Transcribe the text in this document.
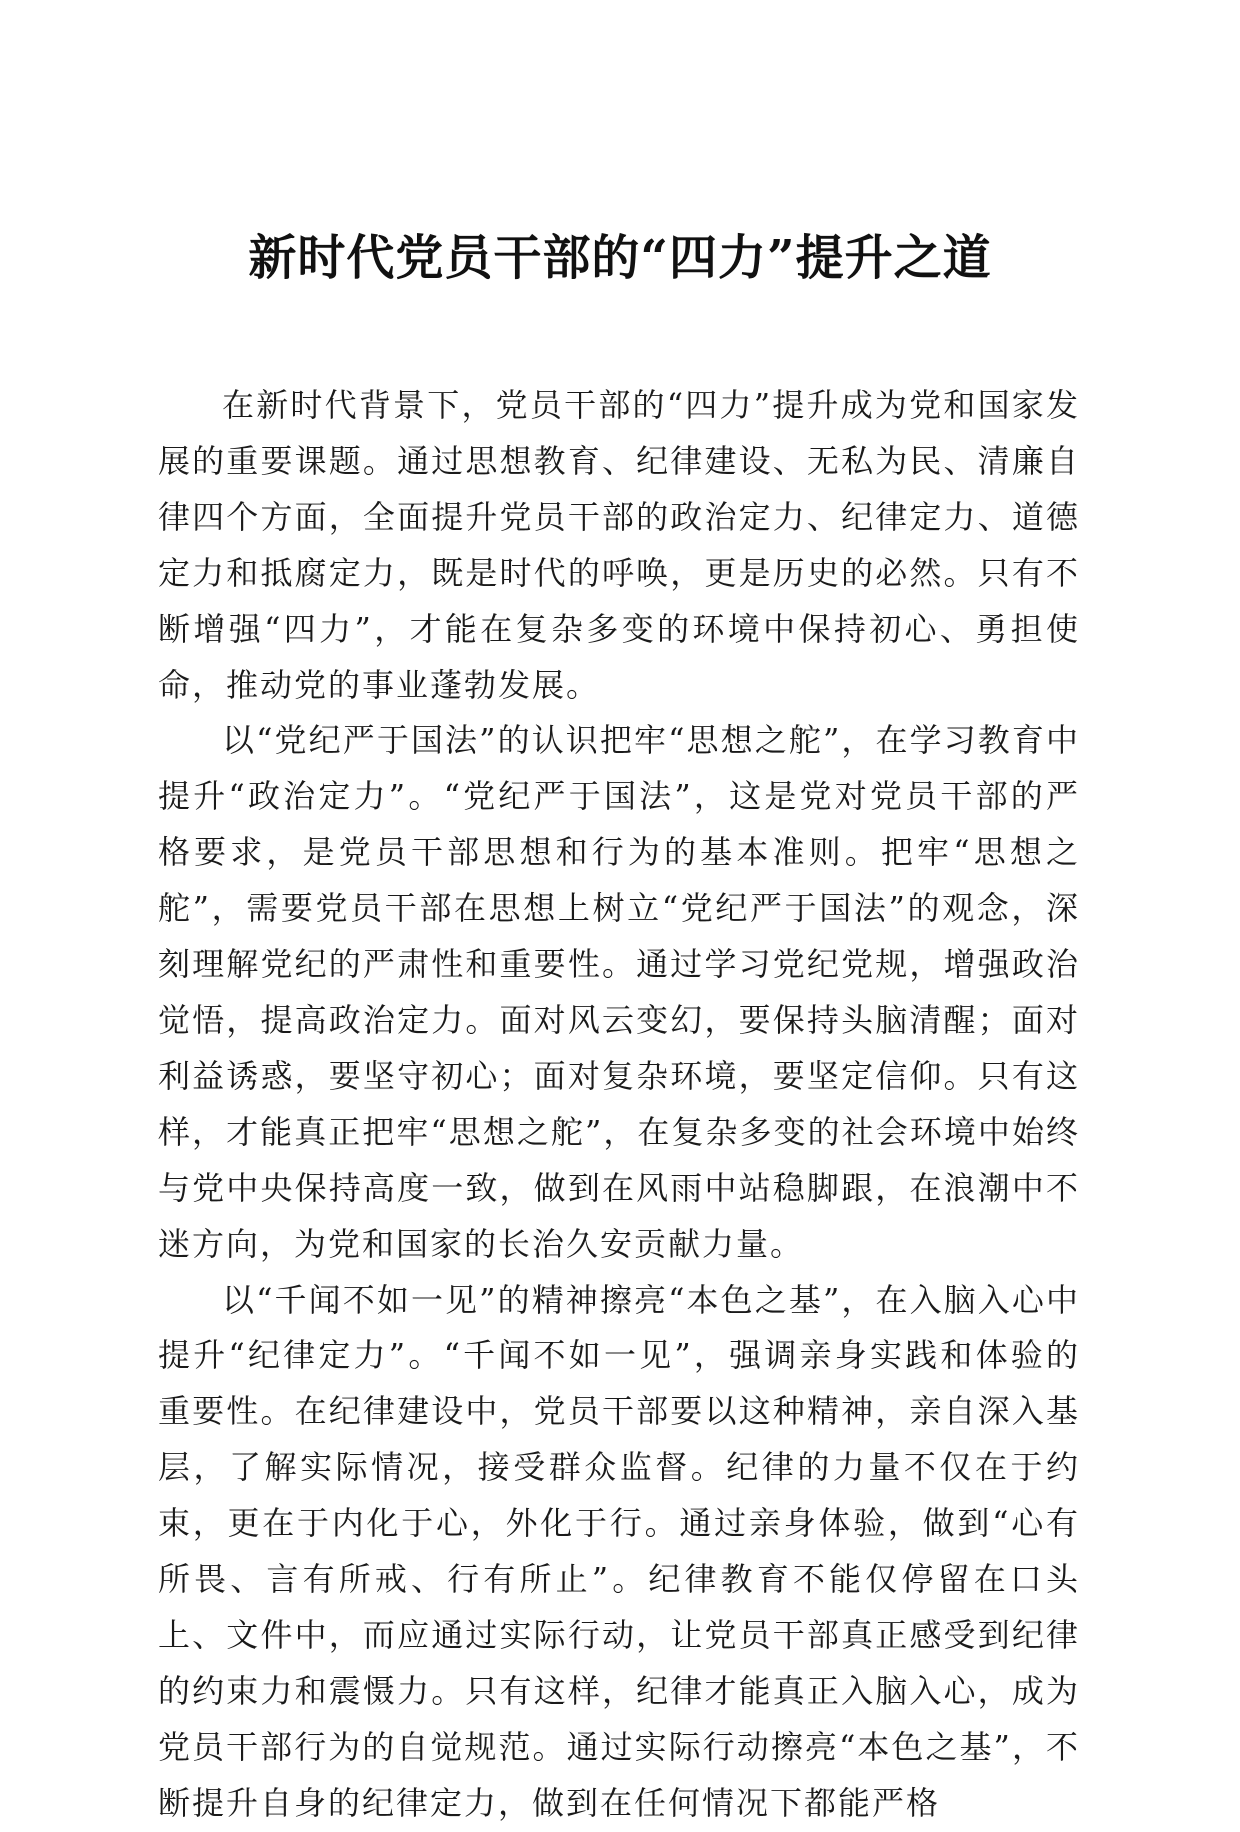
新时代党员干部的“四力”提升之道

在新时代背景下，党员干部的“四力”提升成为党和国家发展的重要课题。通过思想教育、纪律建设、无私为民、清廉自律四个方面，全面提升党员干部的政治定力、纪律定力、道德定力和抵腐定力，既是时代的呼唤，更是历史的必然。只有不断增强“四力”，才能在复杂多变的环境中保持初心、勇担使命，推动党的事业蓬勃发展。

以“党纪严于国法”的认识把牢“思想之舵”，在学习教育中提升“政治定力”。“党纪严于国法”，这是党对党员干部的严格要求，是党员干部思想和行为的基本准则。把牢“思想之舵”，需要党员干部在思想上树立“党纪严于国法”的观念，深刻理解党纪的严肃性和重要性。通过学习党纪党规，增强政治觉悟，提高政治定力。面对风云变幻，要保持头脑清醒；面对利益诱惑，要坚守初心；面对复杂环境，要坚定信仰。只有这样，才能真正把牢“思想之舵”，在复杂多变的社会环境中始终与党中央保持高度一致，做到在风雨中站稳脚跟，在浪潮中不迷方向，为党和国家的长治久安贡献力量。

以“千闻不如一见”的精神擦亮“本色之基”，在入脑入心中提升“纪律定力”。“千闻不如一见”，强调亲身实践和体验的重要性。在纪律建设中，党员干部要以这种精神，亲自深入基层，了解实际情况，接受群众监督。纪律的力量不仅在于约束，更在于内化于心，外化于行。通过亲身体验，做到“心有所畏、言有所戒、行有所止”。纪律教育不能仅停留在口头上、文件中，而应通过实际行动，让党员干部真正感受到纪律的约束力和震慑力。只有这样，纪律才能真正入脑入心，成为党员干部行为的自觉规范。通过实际行动擦亮“本色之基”，不断提升自身的纪律定力，做到在任何情况下都能严格
